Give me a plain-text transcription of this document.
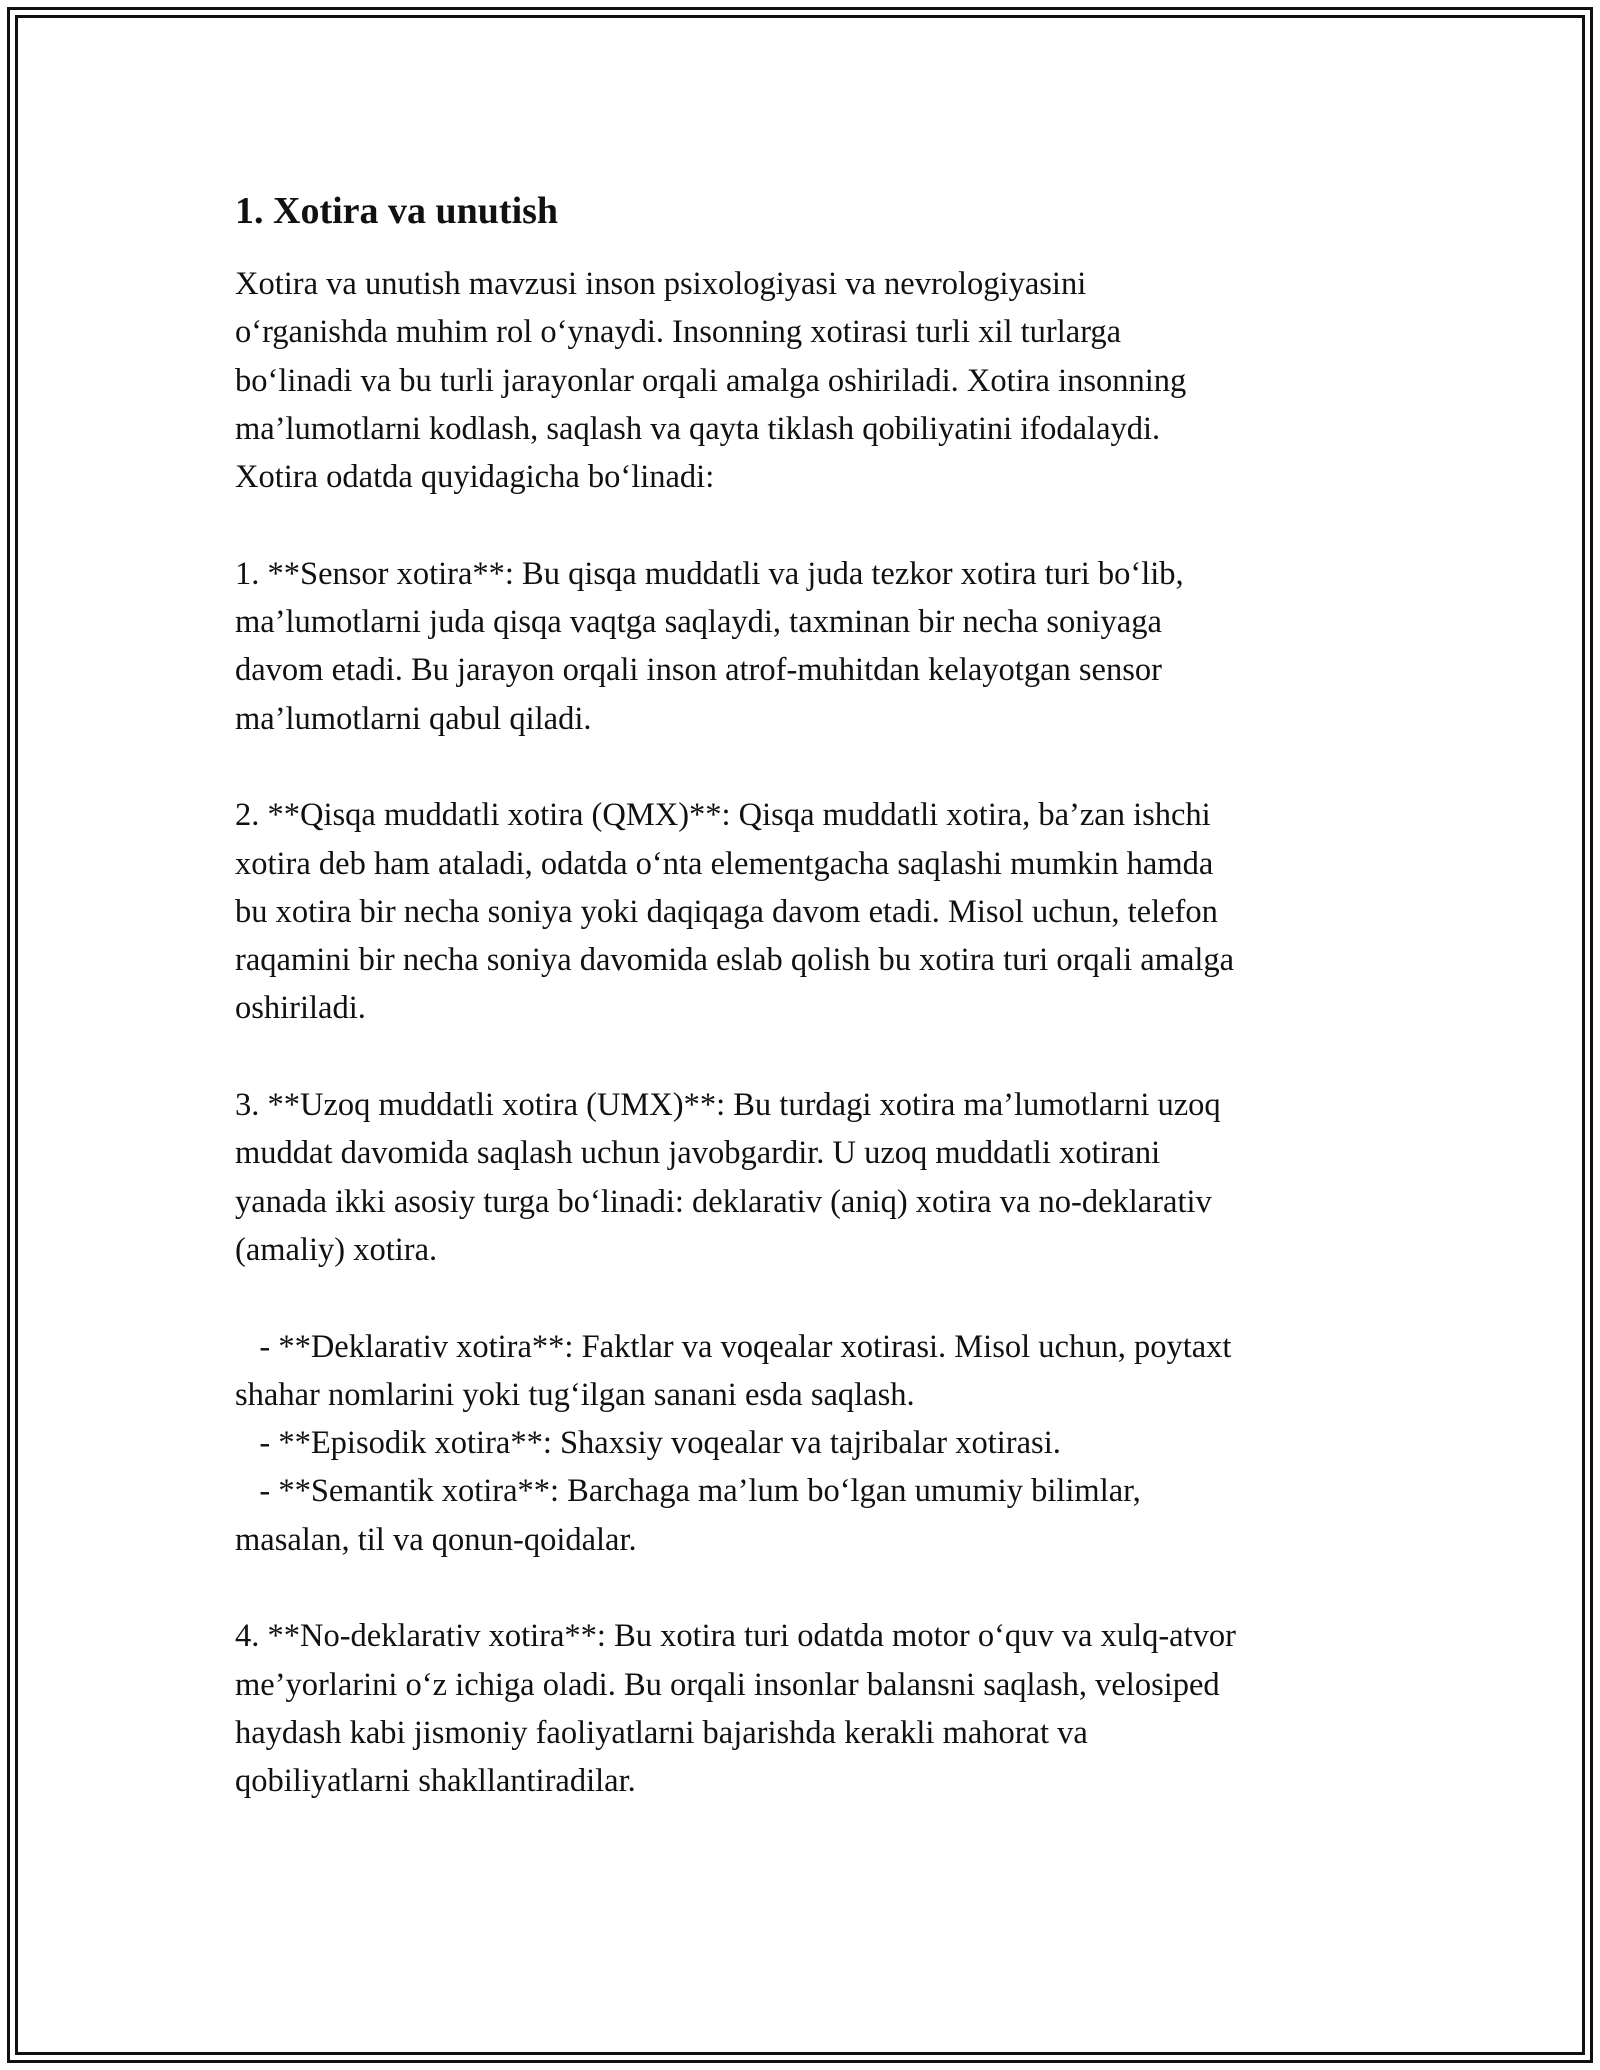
1. Xotira va unutish

Xotira va unutish mavzusi inson psixologiyasi va nevrologiyasini
o‘rganishda muhim rol o‘ynaydi. Insonning xotirasi turli xil turlarga
bo‘linadi va bu turli jarayonlar orqali amalga oshiriladi. Xotira insonning
ma’lumotlarni kodlash, saqlash va qayta tiklash qobiliyatini ifodalaydi.
Xotira odatda quyidagicha bo‘linadi:

1. **Sensor xotira**: Bu qisqa muddatli va juda tezkor xotira turi bo‘lib,
ma’lumotlarni juda qisqa vaqtga saqlaydi, taxminan bir necha soniyaga
davom etadi. Bu jarayon orqali inson atrof-muhitdan kelayotgan sensor
ma’lumotlarni qabul qiladi.

2. **Qisqa muddatli xotira (QMX)**: Qisqa muddatli xotira, ba’zan ishchi
xotira deb ham ataladi, odatda o‘nta elementgacha saqlashi mumkin hamda
bu xotira bir necha soniya yoki daqiqaga davom etadi. Misol uchun, telefon
raqamini bir necha soniya davomida eslab qolish bu xotira turi orqali amalga
oshiriladi.

3. **Uzoq muddatli xotira (UMX)**: Bu turdagi xotira ma’lumotlarni uzoq
muddat davomida saqlash uchun javobgardir. U uzoq muddatli xotirani
yanada ikki asosiy turga bo‘linadi: deklarativ (aniq) xotira va no-deklarativ
(amaliy) xotira.

- **Deklarativ xotira**: Faktlar va voqealar xotirasi. Misol uchun, poytaxt
shahar nomlarini yoki tug‘ilgan sanani esda saqlash.
- **Episodik xotira**: Shaxsiy voqealar va tajribalar xotirasi.
- **Semantik xotira**: Barchaga ma’lum bo‘lgan umumiy bilimlar,
masalan, til va qonun-qoidalar.

4. **No-deklarativ xotira**: Bu xotira turi odatda motor o‘quv va xulq-atvor
me’yorlarini o‘z ichiga oladi. Bu orqali insonlar balansni saqlash, velosiped
haydash kabi jismoniy faoliyatlarni bajarishda kerakli mahorat va
qobiliyatlarni shakllantiradilar.
